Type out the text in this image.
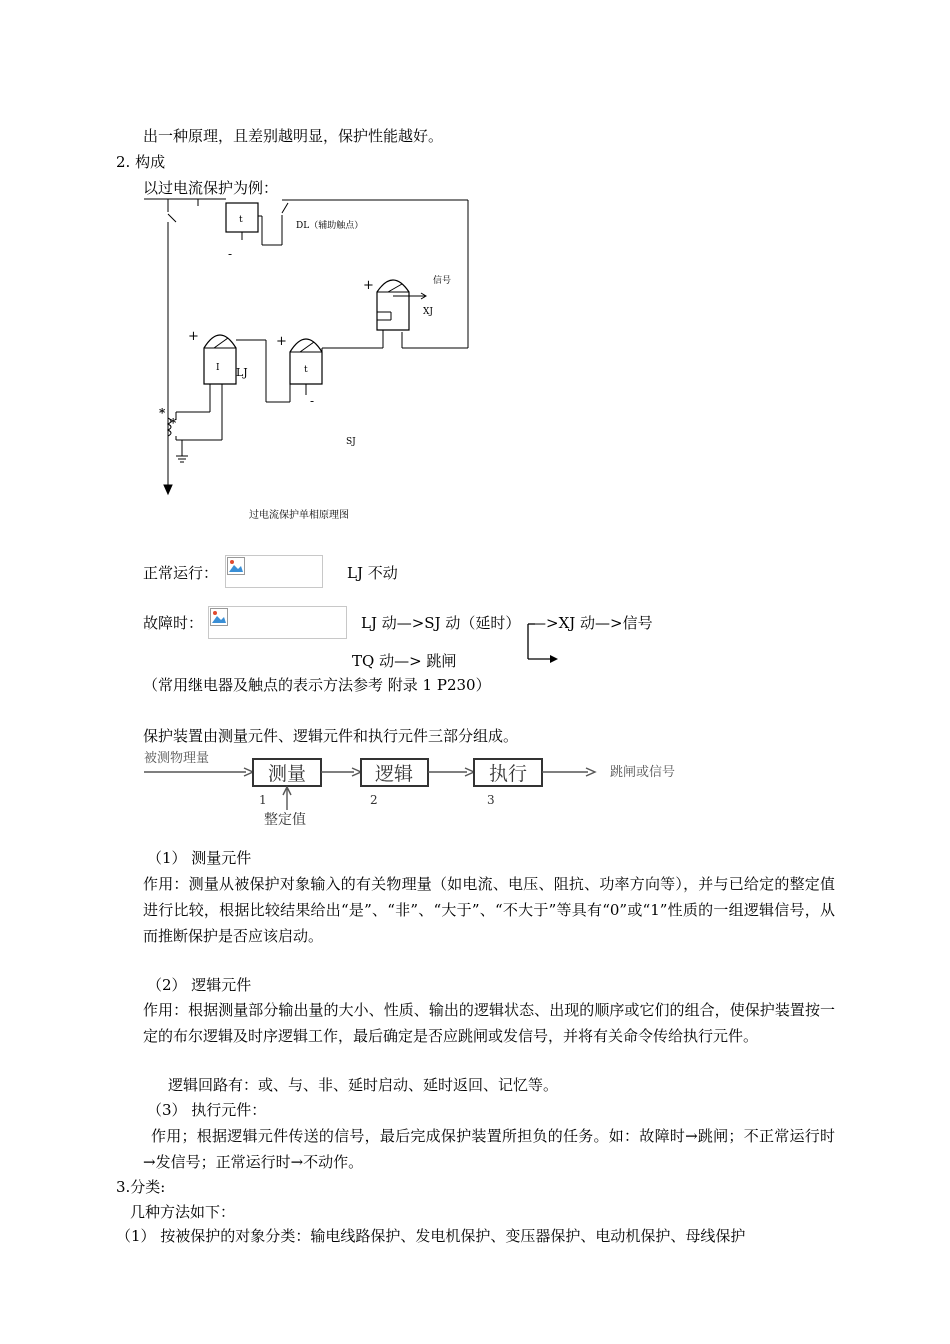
出一种原理，且差别越明显，保护性能越好。
2. 构成
以过电流保护为例：
t
DL（辅助触点）
-
+	信号
XJ
+
t
-
+
I LJ
SJ
*
*
过电流保护单相原理图
正常运行：	LJ 不动
故障时：	LJ 动—>SJ 动（延时） —>XJ 动—>信号
TQ 动—> 跳闸
（常用继电器及触点的表示方法参考 附录 1 P230）
保护装置由测量元件、逻辑元件和执行元件三部分组成。
被测物理量
测量	逻辑	执行	跳闸或信号
1	2	3
整定值
（1） 测量元件
作用：测量从被保护对象输入的有关物理量（如电流、电压、阻抗、功率方向等），并与已给定的整定值进行比较，根据比较结果给出“是”、“非”、“大于”、“不大于”等具有“0”或“1”性质的一组逻辑信号，从而推断保护是否应该启动。
（2） 逻辑元件
作用：根据测量部分输出量的大小、性质、输出的逻辑状态、出现的顺序或它们的组合，使保护装置按一定的布尔逻辑及时序逻辑工作，最后确定是否应跳闸或发信号，并将有关命令传给执行元件。
逻辑回路有：或、与、非、延时启动、延时返回、记忆等。
（3） 执行元件：
作用；根据逻辑元件传送的信号，最后完成保护装置所担负的任务。如：故障时→跳闸；不正常运行时→发信号；正常运行时→不动作。
3.分类:
几种方法如下：
（1） 按被保护的对象分类：输电线路保护、发电机保护、变压器保护、电动机保护、母线保护
